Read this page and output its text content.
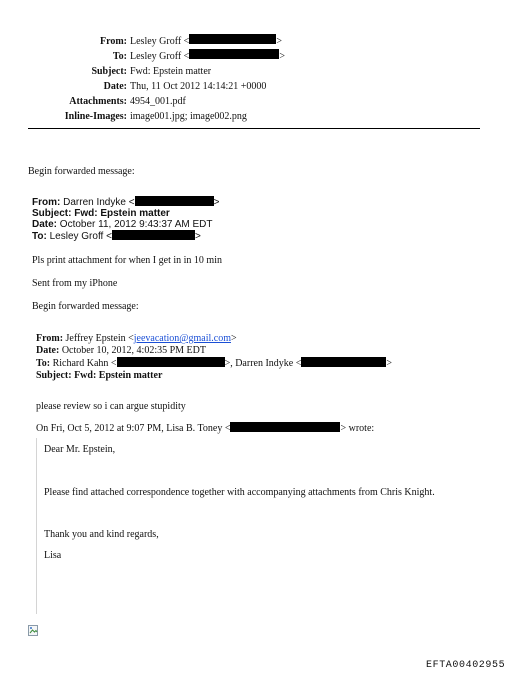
From: Lesley Groff <	>
To: Lesley Groff <	>
Subject: Fwd: Epstein matter
Date: Thu, 11 Oct 2012 14:14:21 +0000
Attachments: 4954_001.pdf
Inline-Images: image001.jpg; image002.png
Begin forwarded message:
From: Darren Indyke <	>
Subject: Fwd: Epstein matter
Date: October 11, 2012 9:43:37 AM EDT
To: Lesley Groff <	>
Pls print attachment for when I get in in 10 min
Sent from my iPhone
Begin forwarded message:
From: Jeffrey Epstein <jeevacation@gmail.com>
Date: October 10, 2012, 4:02:35 PM EDT
To: Richard Kahn <	>, Darren Indyke <	>
Subject: Fwd: Epstein matter
please review so i can argue stupidity
On Fri, Oct 5, 2012 at 9:07 PM, Lisa B. Toney <	> wrote:
Dear Mr. Epstein,
Please find attached correspondence together with accompanying attachments from Chris Knight.
Thank you and kind regards,
Lisa
EFTA00402955
